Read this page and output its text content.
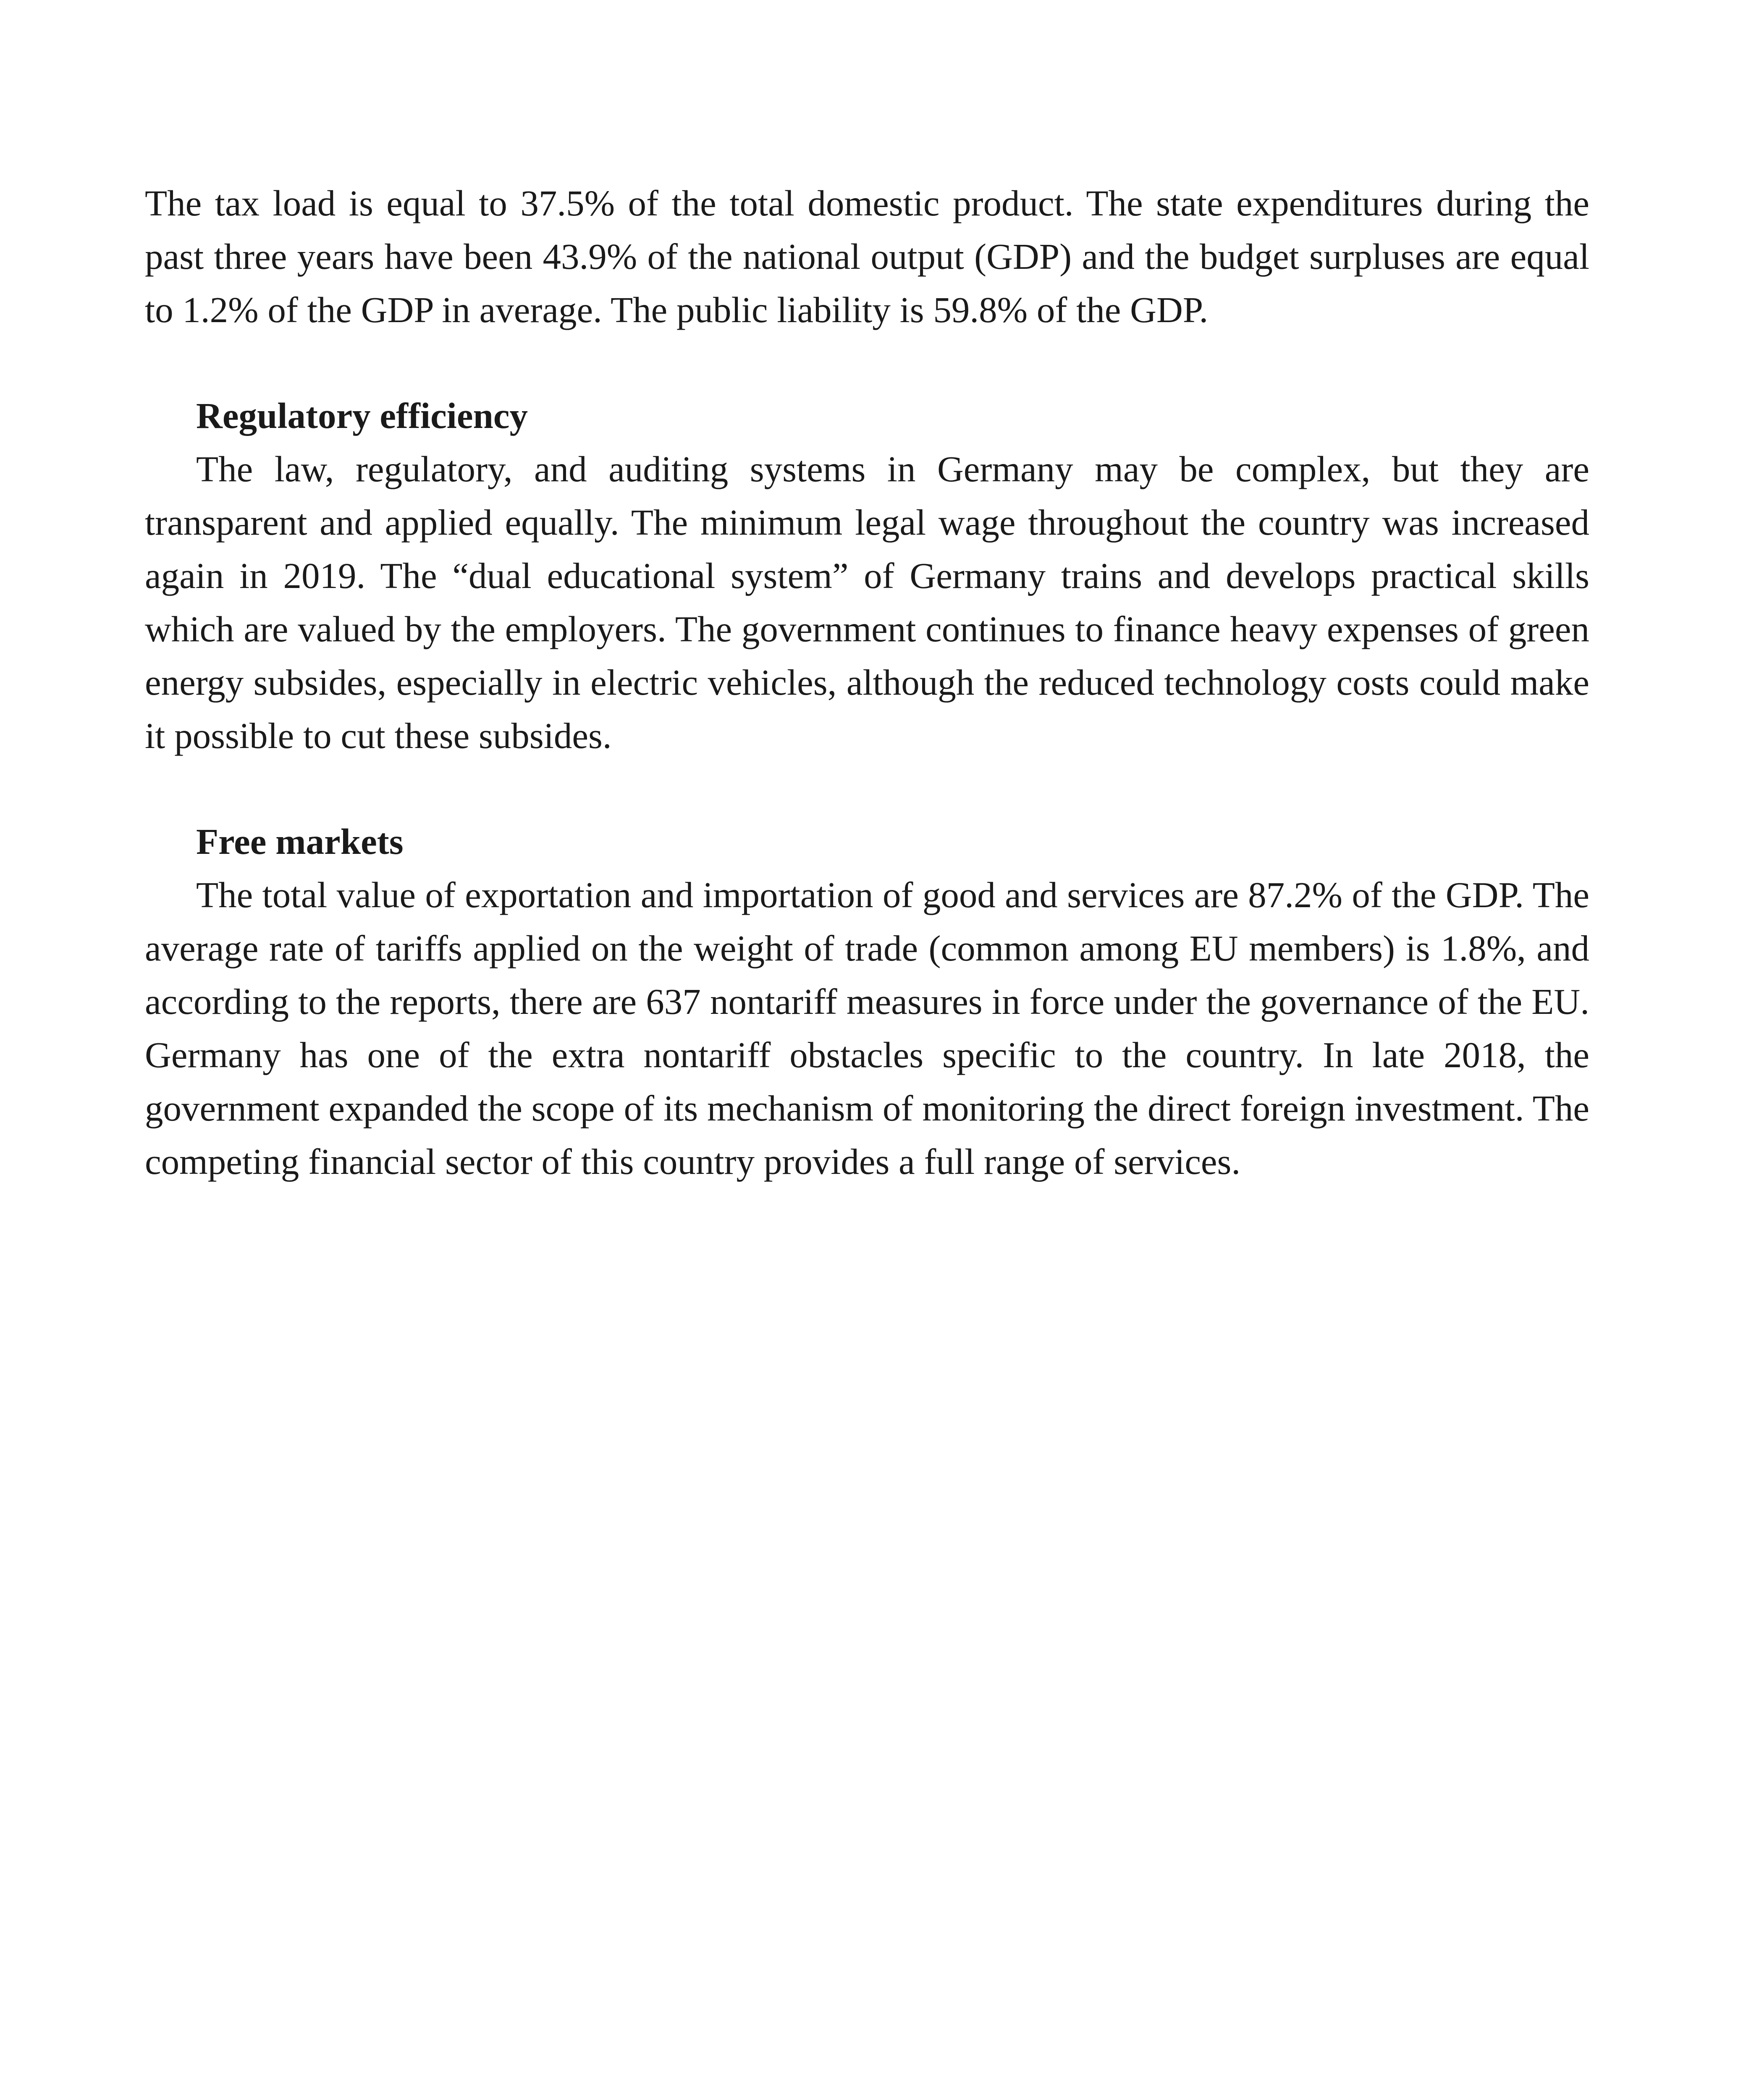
The tax load is equal to 37.5% of the total domestic product. The state expenditures during the past three years have been 43.9% of the national output (GDP) and the budget surpluses are equal to 1.2% of the GDP in average. The public liability is 59.8% of the GDP.

Regulatory efficiency

The law, regulatory, and auditing systems in Germany may be complex, but they are transparent and applied equally. The minimum legal wage throughout the country was increased again in 2019. The “dual educational system” of Germany trains and develops practical skills which are valued by the employers. The government continues to finance heavy expenses of green energy subsides, especially in electric vehicles, although the reduced technology costs could make it possible to cut these subsides.

Free markets

The total value of exportation and importation of good and services are 87.2% of the GDP. The average rate of tariffs applied on the weight of trade (common among EU members) is 1.8%, and according to the reports, there are 637 nontariff measures in force under the governance of the EU. Germany has one of the extra nontariff obstacles specific to the country. In late 2018, the government expanded the scope of its mechanism of monitoring the direct foreign investment. The competing financial sector of this country provides a full range of services.
